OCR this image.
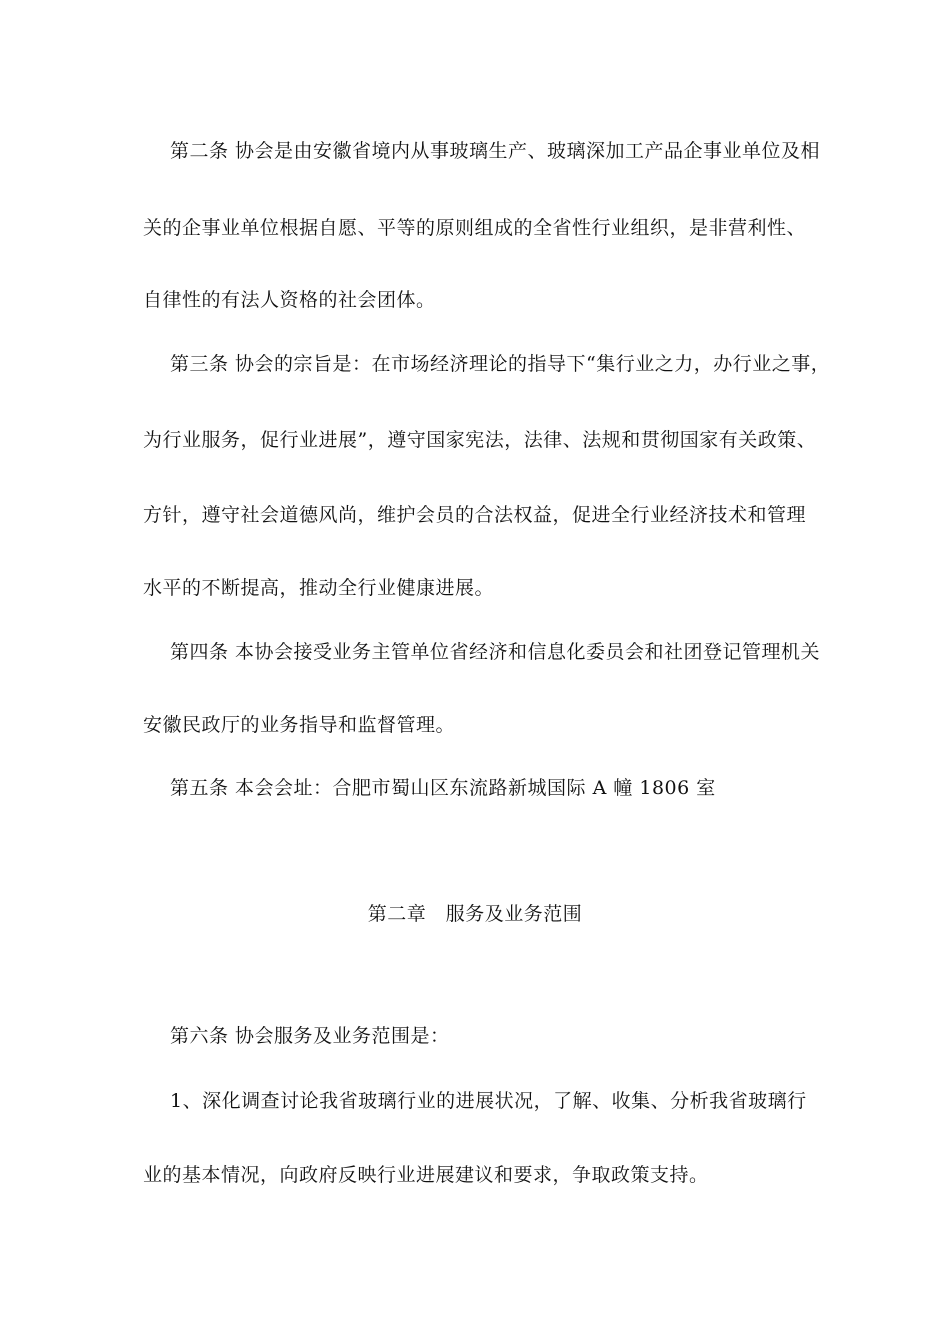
第二条 协会是由安徽省境内从事玻璃生产、玻璃深加工产品企事业单位及相
关的企事业单位根据自愿、平等的原则组成的全省性行业组织，是非营利性、
自律性的有法人资格的社会团体。
第三条 协会的宗旨是：在市场经济理论的指导下“集行业之力，办行业之事，
为行业服务，促行业进展”，遵守国家宪法，法律、法规和贯彻国家有关政策、
方针，遵守社会道德风尚，维护会员的合法权益，促进全行业经济技术和管理
水平的不断提高，推动全行业健康进展。
第四条 本协会接受业务主管单位省经济和信息化委员会和社团登记管理机关
安徽民政厅的业务指导和监督管理。
第五条 本会会址：合肥市蜀山区东流路新城国际 A 幢 1806 室
第二章　服务及业务范围
第六条 协会服务及业务范围是：
1、深化调查讨论我省玻璃行业的进展状况，了解、收集、分析我省玻璃行
业的基本情况，向政府反映行业进展建议和要求，争取政策支持。
